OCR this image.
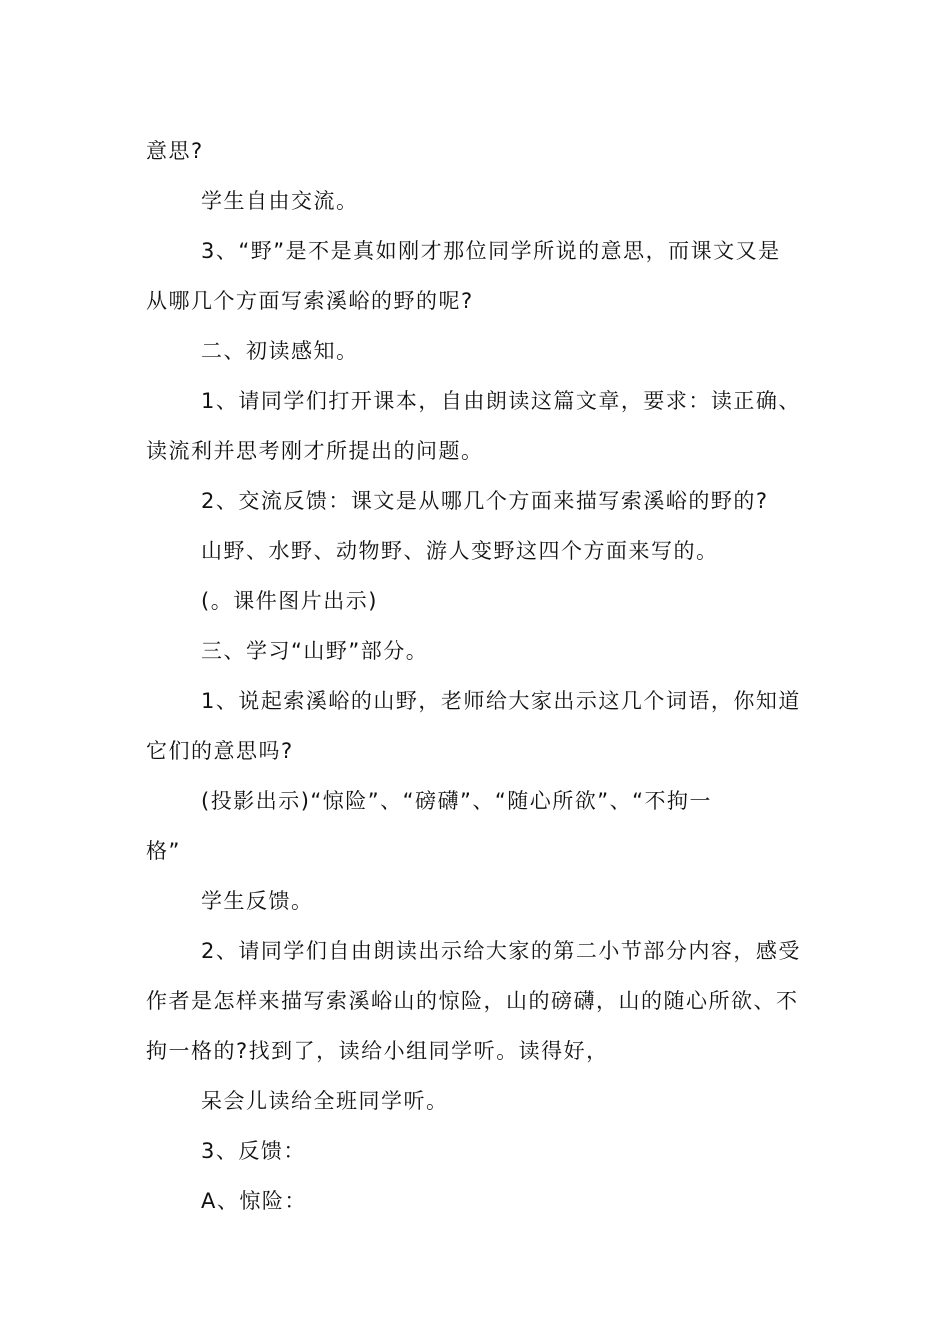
意思?

学生自由交流。

3、“野”是不是真如刚才那位同学所说的意思，而课文又是

从哪几个方面写索溪峪的野的呢?

二、初读感知。

1、请同学们打开课本，自由朗读这篇文章，要求：读正确、

读流利并思考刚才所提出的问题。

2、交流反馈：课文是从哪几个方面来描写索溪峪的野的?

山野、水野、动物野、游人变野这四个方面来写的。

(。课件图片出示)

三、学习“山野”部分。

1、说起索溪峪的山野，老师给大家出示这几个词语，你知道

它们的意思吗?

(投影出示)“惊险”、“磅礴”、“随心所欲”、“不拘一

格”

学生反馈。

2、请同学们自由朗读出示给大家的第二小节部分内容，感受

作者是怎样来描写索溪峪山的惊险，山的磅礴，山的随心所欲、不

拘一格的?找到了，读给小组同学听。读得好，

呆会儿读给全班同学听。

3、反馈：

A、惊险：
